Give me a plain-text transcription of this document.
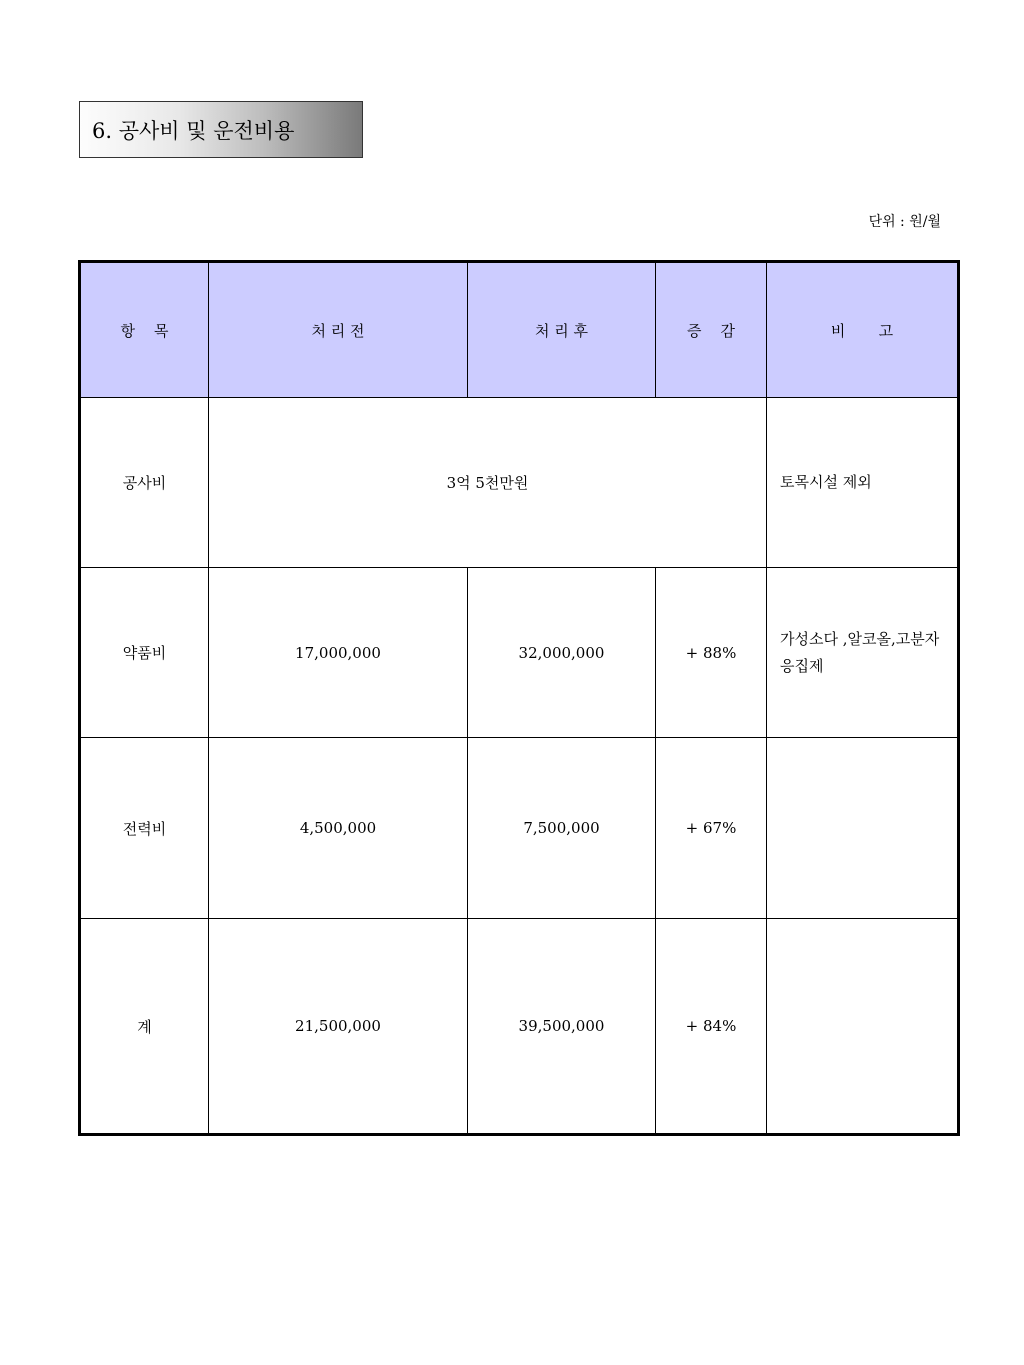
6. 공사비 및 운전비용
단위 : 원/월
항    목	처 리 전	처 리 후	증    감	비       고
공사비	3억 5천만원			토목시설 제외
약품비	17,000,000	32,000,000	+ 88%	가성소다 ,알코올,고분자응집제
전력비	4,500,000	7,500,000	+ 67%	
계	21,500,000	39,500,000	+ 84%	
